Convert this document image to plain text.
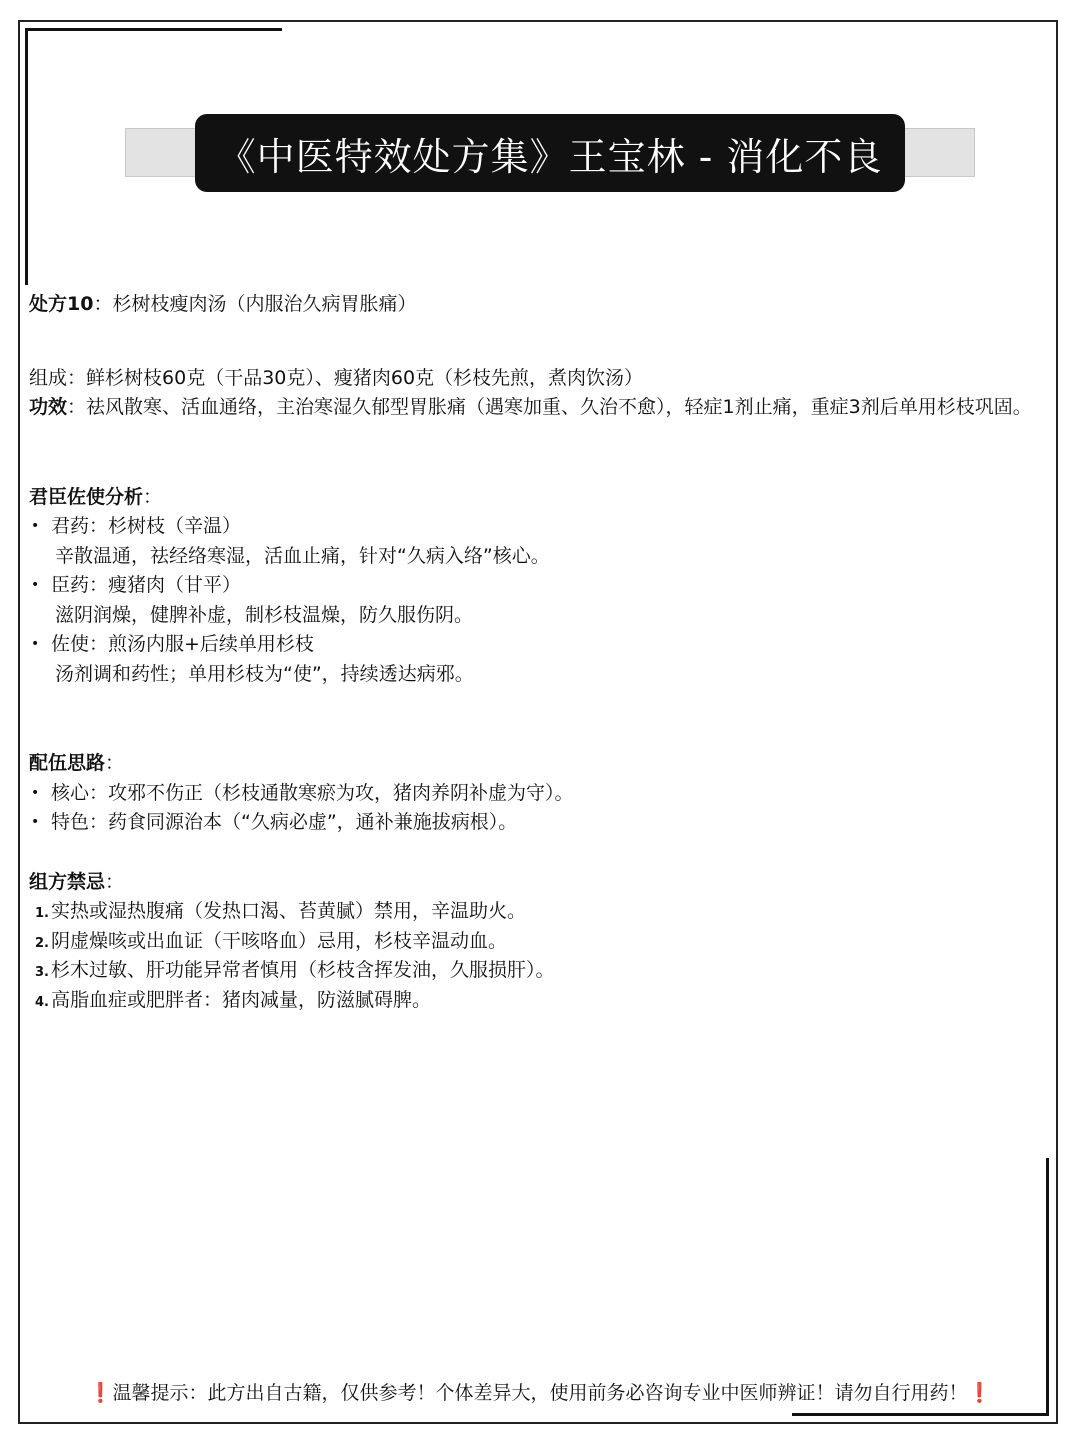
《中医特效处方集》王宝林 - 消化不良

处方10：杉树枝瘦肉汤（内服治久病胃胀痛）

组成：鲜杉树枝60克（干品30克）、瘦猪肉60克（杉枝先煎，煮肉饮汤）

功效：祛风散寒、活血通络，主治寒湿久郁型胃胀痛（遇寒加重、久治不愈），轻症1剂止痛，重症3剂后单用杉枝巩固。

君臣佐使分析：

• 君药：杉树枝（辛温）

辛散温通，祛经络寒湿，活血止痛，针对“久病入络”核心。

• 臣药：瘦猪肉（甘平）

滋阴润燥，健脾补虚，制杉枝温燥，防久服伤阴。

• 佐使：煎汤内服+后续单用杉枝

汤剂调和药性；单用杉枝为“使”，持续透达病邪。

配伍思路：

• 核心：攻邪不伤正（杉枝通散寒瘀为攻，猪肉养阴补虚为守）。

• 特色：药食同源治本（“久病必虚”，通补兼施拔病根）。

组方禁忌：

1. 实热或湿热腹痛（发热口渴、苔黄腻）禁用，辛温助火。

2. 阴虚燥咳或出血证（干咳咯血）忌用，杉枝辛温动血。

3. 杉木过敏、肝功能异常者慎用（杉枝含挥发油，久服损肝）。

4. 高脂血症或肥胖者：猪肉减量，防滋腻碍脾。

❗温馨提示：此方出自古籍，仅供参考！个体差异大，使用前务必咨询专业中医师辨证！请勿自行用药！❗
